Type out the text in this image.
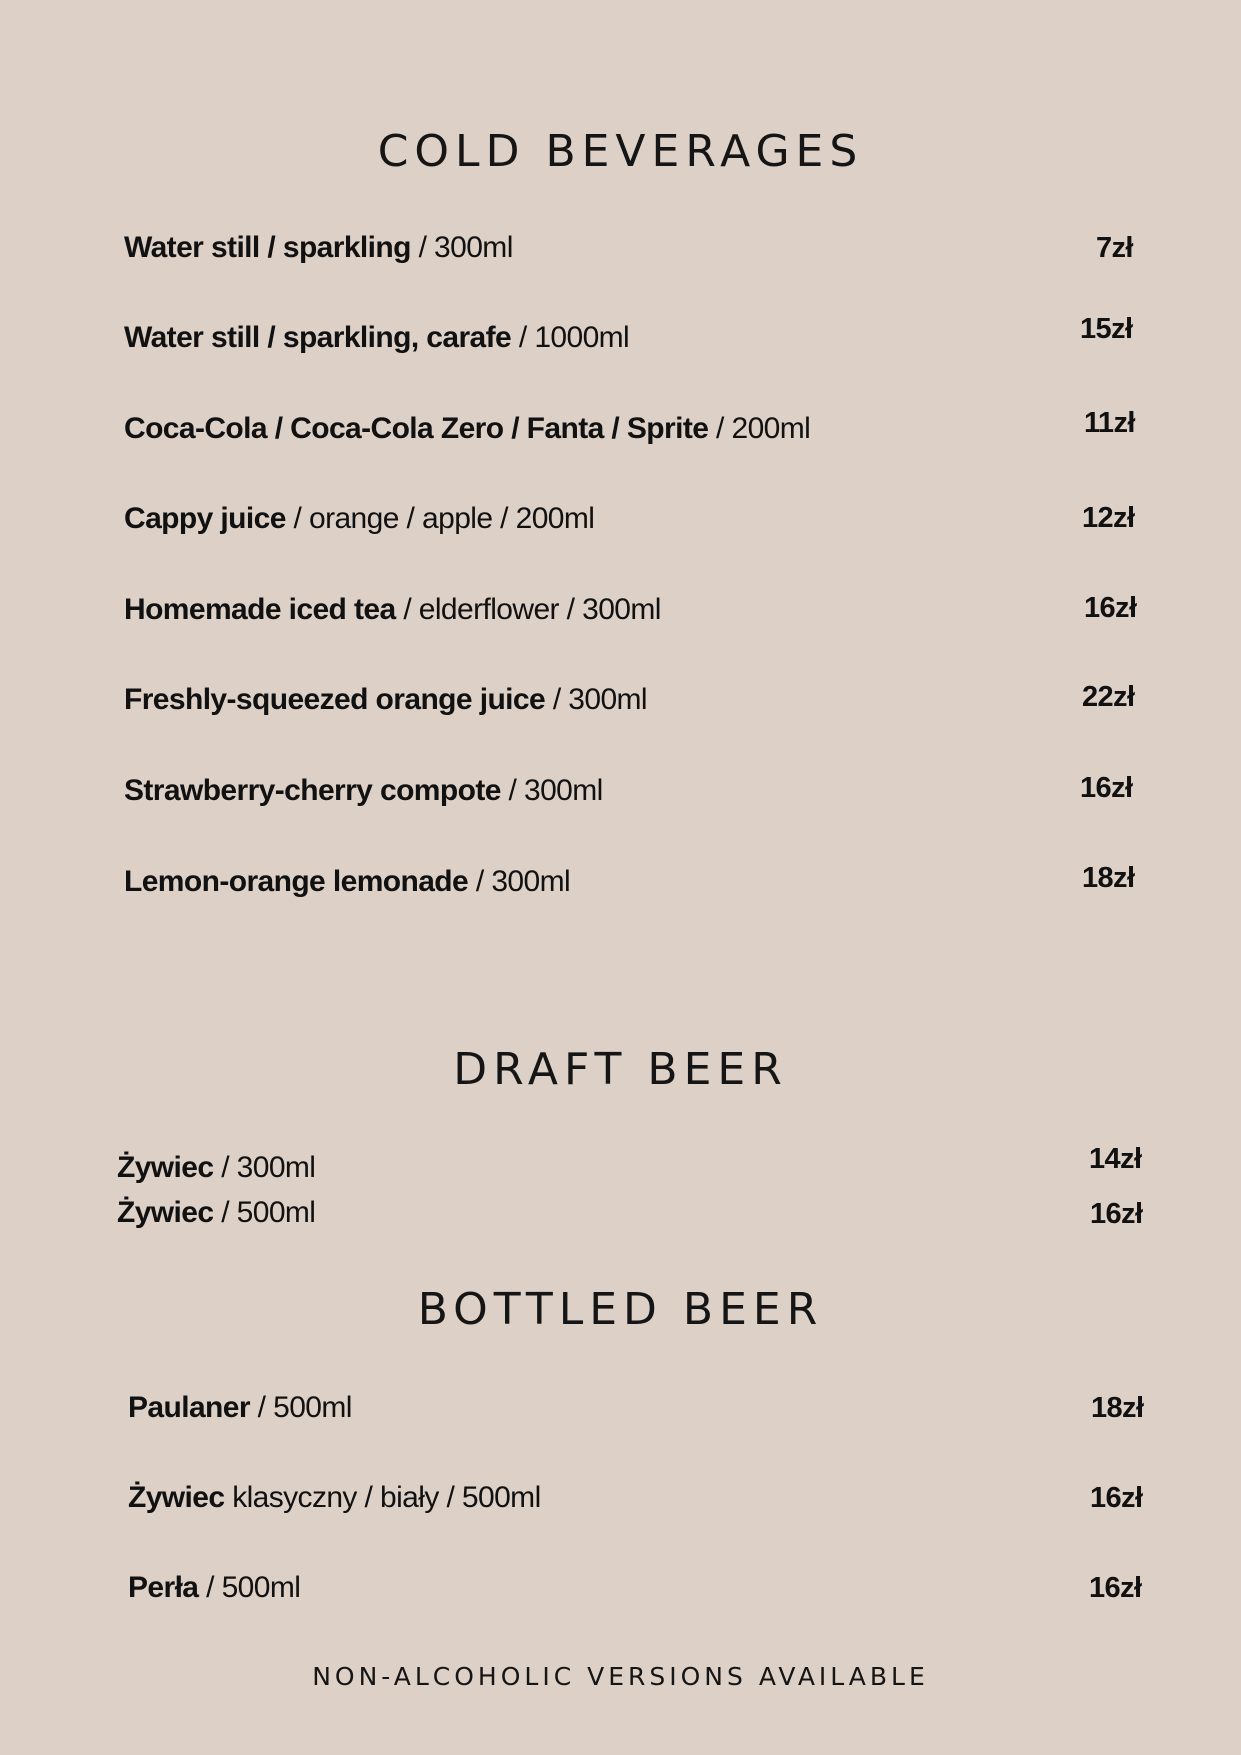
COLD BEVERAGES
Water still / sparkling / 300ml	7zł
Water still / sparkling, carafe / 1000ml	15zł
Coca-Cola / Coca-Cola Zero / Fanta / Sprite / 200ml	11zł
Cappy juice / orange / apple / 200ml	12zł
Homemade iced tea / elderflower / 300ml	16zł
Freshly-squeezed orange juice / 300ml	22zł
Strawberry-cherry compote / 300ml	16zł
Lemon-orange lemonade / 300ml	18zł
DRAFT BEER
Żywiec / 300ml	14zł
Żywiec / 500ml	16zł
BOTTLED BEER
Paulaner / 500ml	18zł
Żywiec klasyczny / biały / 500ml	16zł
Perła / 500ml	16zł

NON-ALCOHOLIC VERSIONS AVAILABLE
